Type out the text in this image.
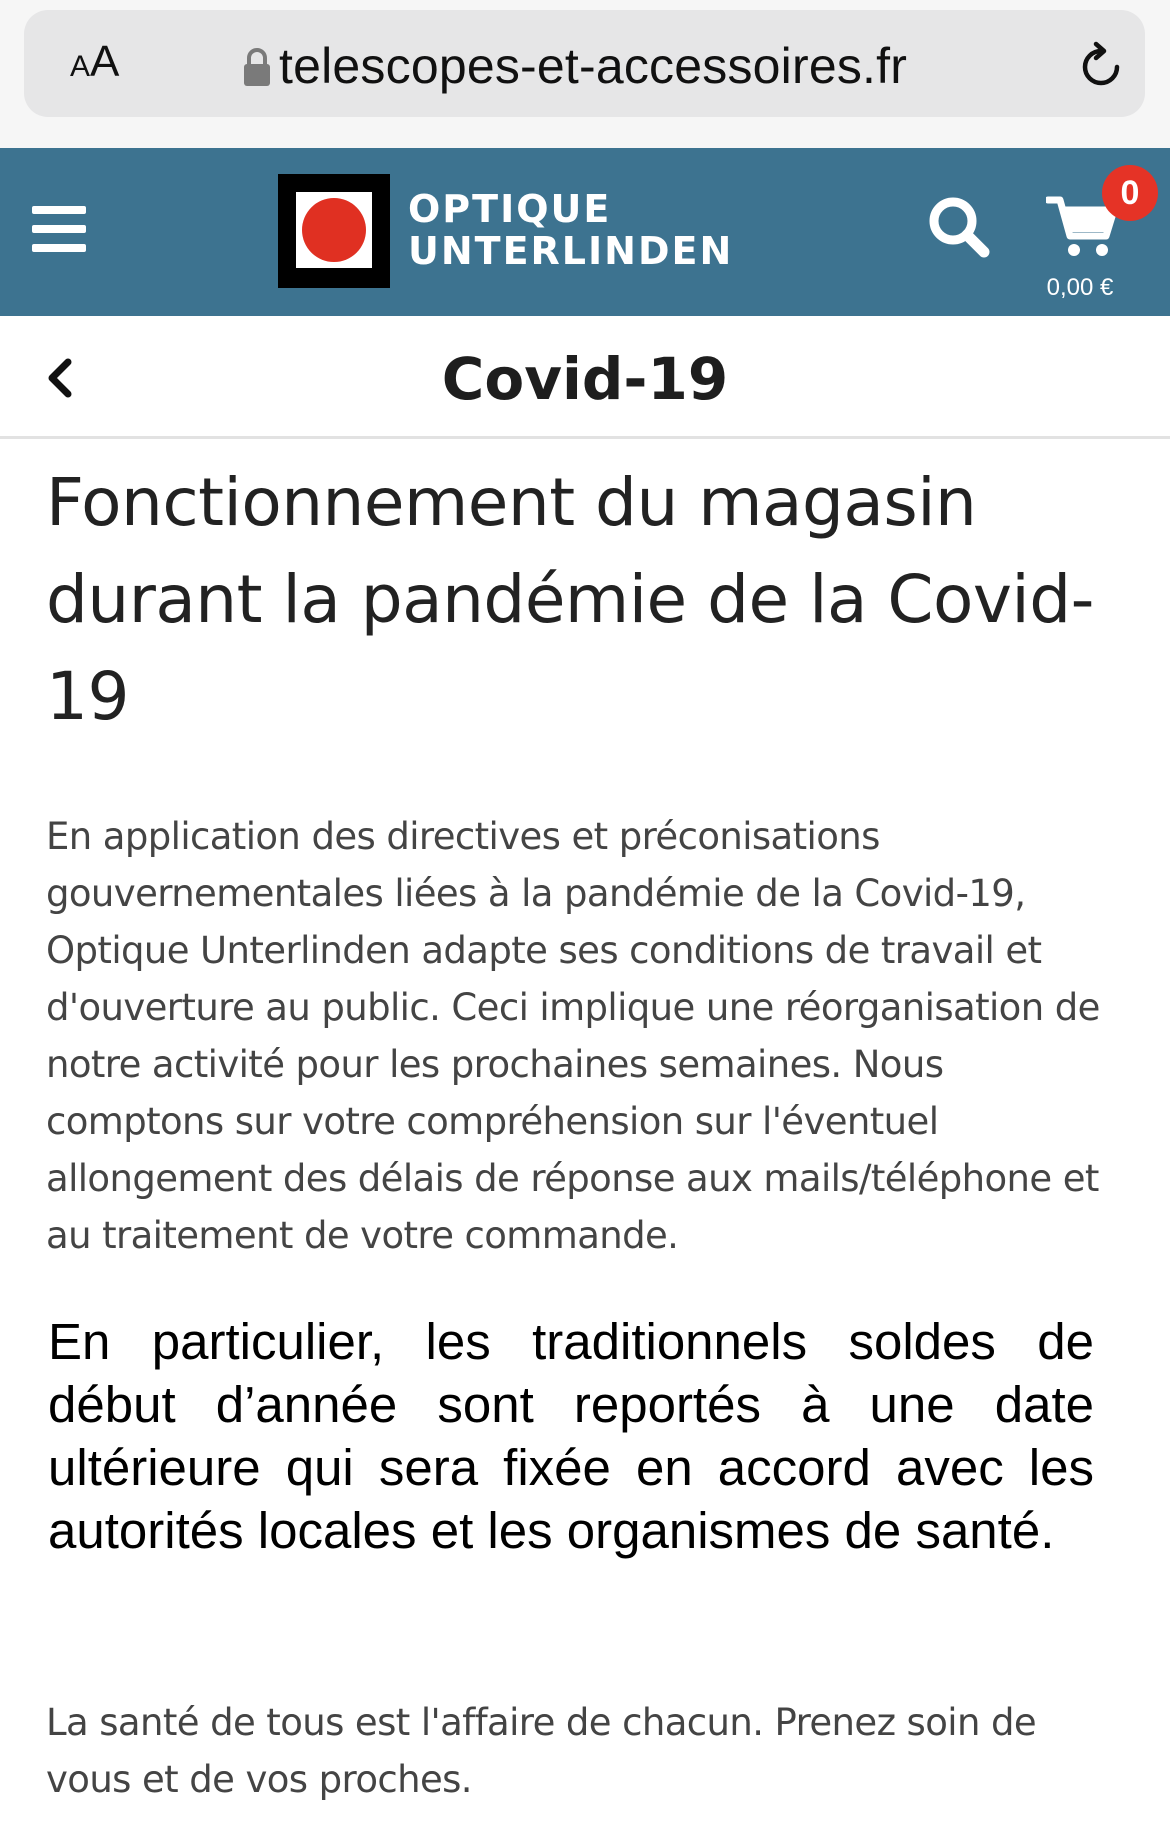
AA	telescopes-et-accessoires.fr
OPTIQUE
UNTERLINDEN
0
0,00 €
Covid-19
Fonctionnement du magasin durant la pandémie de la Covid-19

En application des directives et préconisations gouvernementales liées à la pandémie de la Covid-19, Optique Unterlinden adapte ses conditions de travail et d'ouverture au public. Ceci implique une réorganisation de notre activité pour les prochaines semaines. Nous comptons sur votre compréhension sur l'éventuel allongement des délais de réponse aux mails/téléphone et au traitement de votre commande.

En particulier, les traditionnels soldes de début d’année sont reportés à une date ultérieure qui sera fixée en accord avec les autorités locales et les organismes de santé.

La santé de tous est l'affaire de chacun. Prenez soin de vous et de vos proches.
